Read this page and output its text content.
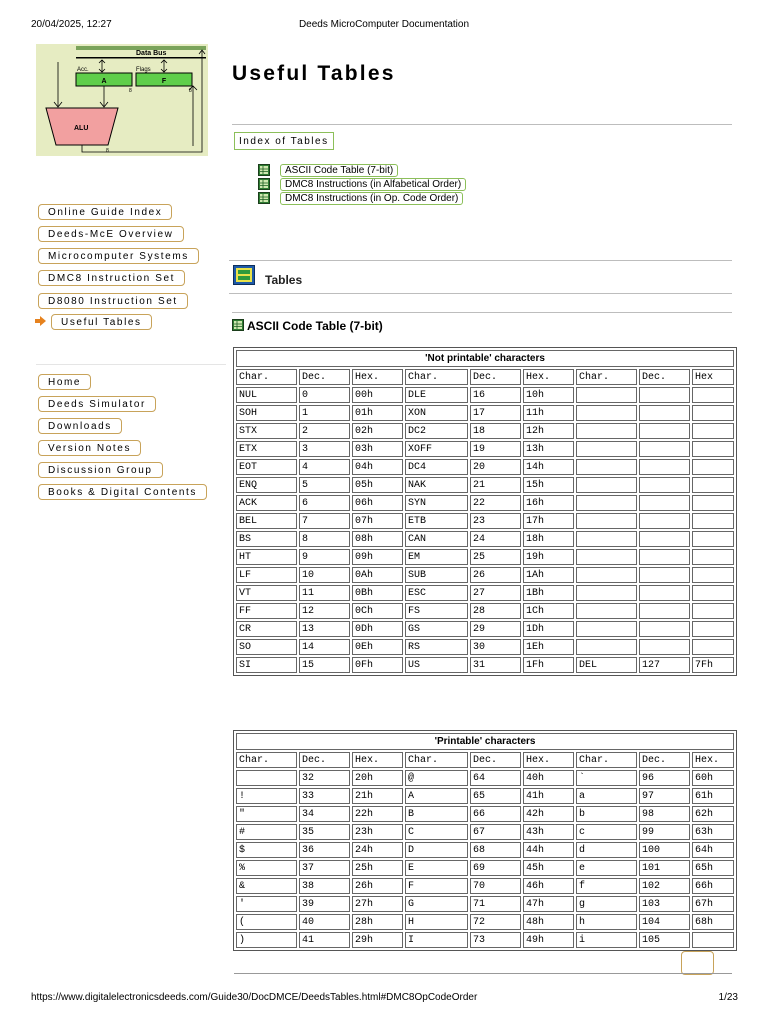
20/04/2025, 12:27	Deeds MicroComputer Documentation
Data Bus
Acc.	Flags
A	F
8	8
ALU
8
Online Guide Index
Deeds-McE Overview
Microcomputer Systems
DMC8 Instruction Set
D8080 Instruction Set
Useful Tables
Home
Deeds Simulator
Downloads
Version Notes
Discussion Group
Books & Digital Contents
Useful Tables
Index of Tables
ASCII Code Table (7-bit)
DMC8 Instructions (in Alfabetical Order)
DMC8 Instructions (in Op. Code Order)
Tables
ASCII Code Table (7-bit)
'Not printable' characters								
Char.	Dec.	Hex.	Char.	Dec.	Hex.	Char.	Dec.	Hex
NUL	0	00h	DLE	16	10h			
SOH	1	01h	XON	17	11h			
STX	2	02h	DC2	18	12h			
ETX	3	03h	XOFF	19	13h			
EOT	4	04h	DC4	20	14h			
ENQ	5	05h	NAK	21	15h			
ACK	6	06h	SYN	22	16h			
BEL	7	07h	ETB	23	17h			
BS	8	08h	CAN	24	18h			
HT	9	09h	EM	25	19h			
LF	10	0Ah	SUB	26	1Ah			
VT	11	0Bh	ESC	27	1Bh			
FF	12	0Ch	FS	28	1Ch			
CR	13	0Dh	GS	29	1Dh			
SO	14	0Eh	RS	30	1Eh			
SI	15	0Fh	US	31	1Fh	DEL	127	7Fh
'Printable' characters								
Char.	Dec.	Hex.	Char.	Dec.	Hex.	Char.	Dec.	Hex.
	32	20h	@	64	40h	`	96	60h
!	33	21h	A	65	41h	a	97	61h
"	34	22h	B	66	42h	b	98	62h
#	35	23h	C	67	43h	c	99	63h
$	36	24h	D	68	44h	d	100	64h
%	37	25h	E	69	45h	e	101	65h
&	38	26h	F	70	46h	f	102	66h
'	39	27h	G	71	47h	g	103	67h
(	40	28h	H	72	48h	h	104	68h
)	41	29h	I	73	49h	i	105	
https://www.digitalelectronicsdeeds.com/Guide30/DocDMCE/DeedsTables.html#DMC8OpCodeOrder	1/23
